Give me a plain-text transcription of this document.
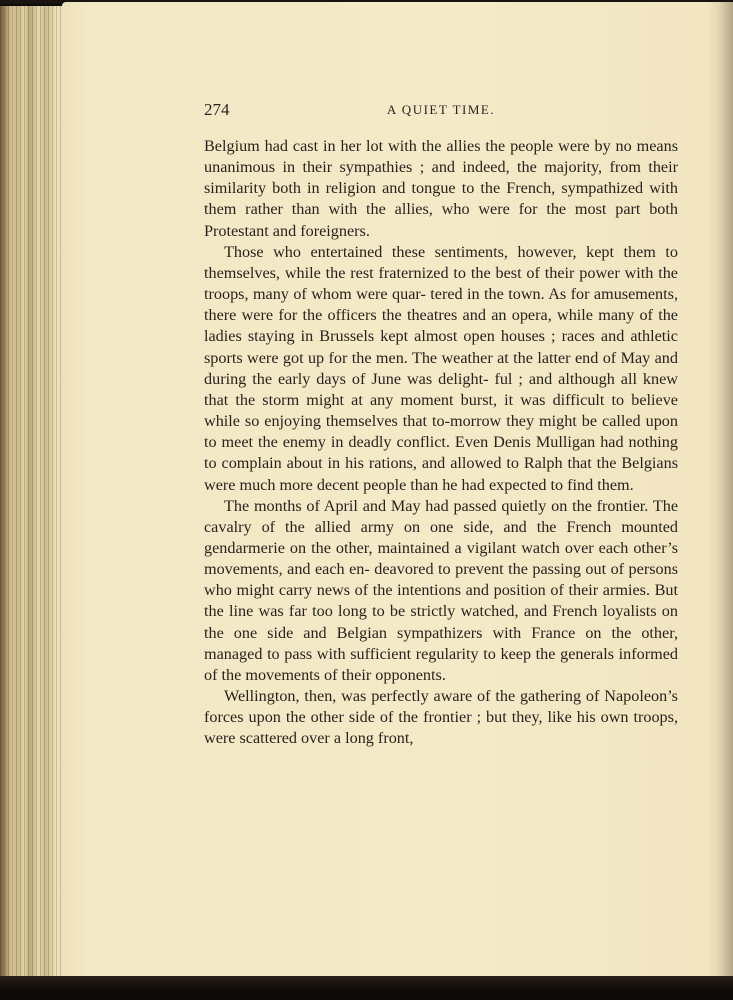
274	A QUIET TIME.

Belgium had cast in her lot with the allies the people were by no means unanimous in their sympathies ; and indeed, the majority, from their similarity both in religion and tongue to the French, sympathized with them rather than with the allies, who were for the most part both Protestant and foreigners.

Those who entertained these sentiments, however, kept them to themselves, while the rest fraternized to the best of their power with the troops, many of whom were quar- tered in the town. As for amusements, there were for the officers the theatres and an opera, while many of the ladies staying in Brussels kept almost open houses ; races and athletic sports were got up for the men. The weather at the latter end of May and during the early days of June was delight- ful ; and although all knew that the storm might at any moment burst, it was difficult to believe while so enjoying themselves that to-morrow they might be called upon to meet the enemy in deadly conflict. Even Denis Mulligan had nothing to complain about in his rations, and allowed to Ralph that the Belgians were much more decent people than he had expected to find them.

The months of April and May had passed quietly on the frontier. The cavalry of the allied army on one side, and the French mounted gendarmerie on the other, maintained a vigilant watch over each other’s movements, and each en- deavored to prevent the passing out of persons who might carry news of the intentions and position of their armies. But the line was far too long to be strictly watched, and French loyalists on the one side and Belgian sympathizers with France on the other, managed to pass with sufficient regularity to keep the generals informed of the movements of their opponents.

Wellington, then, was perfectly aware of the gathering of Napoleon’s forces upon the other side of the frontier ; but they, like his own troops, were scattered over a long front,
